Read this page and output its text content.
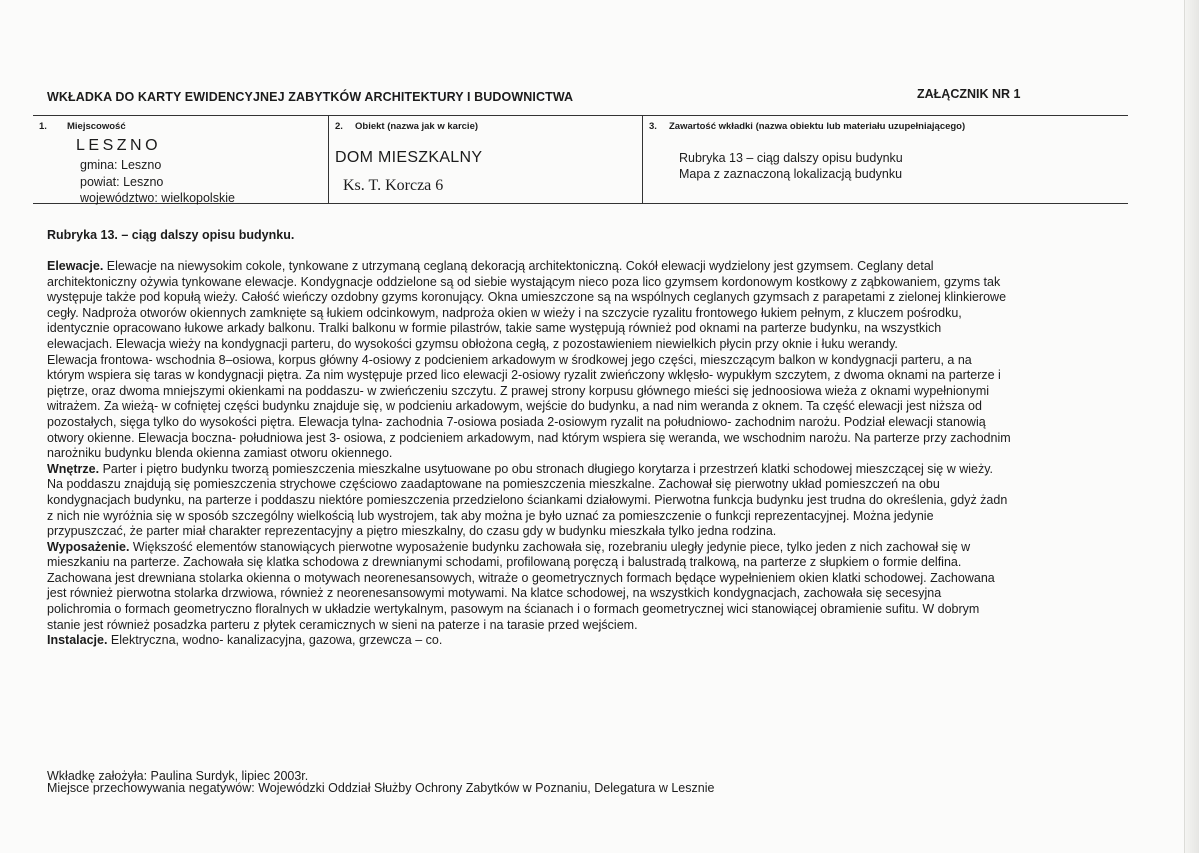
WKŁADKA DO KARTY EWIDENCYJNEJ ZABYTKÓW ARCHITEKTURY I BUDOWNICTWA	ZAŁĄCZNIK NR 1
1. Miejscowość
LESZNO
gmina: Leszno
powiat: Leszno
województwo: wielkopolskie
2. Obiekt (nazwa jak w karcie)
DOM MIESZKALNY
Ks. T. Korcza 6
3. Zawartość wkładki (nazwa obiektu lub materiału uzupełniającego)
Rubryka 13 – ciąg dalszy opisu budynku
Mapa z zaznaczoną lokalizacją budynku
Rubryka 13. – ciąg dalszy opisu budynku.
Elewacje. Elewacje na niewysokim cokole, tynkowane z utrzymaną ceglaną dekoracją architektoniczną. Cokół elewacji wydzielony jest gzymsem. Ceglany detal
architektoniczny ożywia tynkowane elewacje. Kondygnacje oddzielone są od siebie wystającym nieco poza lico gzymsem kordonowym kostkowy z ząbkowaniem, gzyms tak
występuje także pod kopułą wieży. Całość wieńczy ozdobny gzyms koronujący. Okna umieszczone są na wspólnych ceglanych gzymsach z parapetami z zielonej klinkierowe
cegły. Nadproża otworów okiennych zamknięte są łukiem odcinkowym, nadproża okien w wieży i na szczycie ryzalitu frontowego łukiem pełnym, z kluczem pośrodku,
identycznie opracowano łukowe arkady balkonu. Tralki balkonu w formie pilastrów, takie same występują również pod oknami na parterze budynku, na wszystkich
elewacjach. Elewacja wieży na kondygnacji parteru, do wysokości gzymsu obłożona cegłą, z pozostawieniem niewielkich płycin przy oknie i łuku werandy.
Elewacja frontowa- wschodnia 8–osiowa, korpus główny 4-osiowy z podcieniem arkadowym w środkowej jego części, mieszczącym balkon w kondygnacji parteru, a na
którym wspiera się taras w kondygnacji piętra. Za nim występuje przed lico elewacji 2-osiowy ryzalit zwieńczony wklęsło- wypukłym szczytem, z dwoma oknami na parterze i
piętrze, oraz dwoma mniejszymi okienkami na poddaszu- w zwieńczeniu szczytu. Z prawej strony korpusu głównego mieści się jednoosiowa wieża z oknami wypełnionymi
witrażem. Za wieżą- w cofniętej części budynku znajduje się, w podcieniu arkadowym, wejście do budynku, a nad nim weranda z oknem. Ta część elewacji jest niższa od
pozostałych, sięga tylko do wysokości piętra. Elewacja tylna- zachodnia 7-osiowa posiada 2-osiowym ryzalit na południowo- zachodnim narożu. Podział elewacji stanowią
otwory okienne. Elewacja boczna- południowa jest 3- osiowa, z podcieniem arkadowym, nad którym wspiera się weranda, we wschodnim narożu. Na parterze przy zachodnim
narożniku budynku blenda okienna zamiast otworu okiennego.
Wnętrze. Parter i piętro budynku tworzą pomieszczenia mieszkalne usytuowane po obu stronach długiego korytarza i przestrzeń klatki schodowej mieszczącej się w wieży.
Na poddaszu znajdują się pomieszczenia strychowe częściowo zaadaptowane na pomieszczenia mieszkalne. Zachował się pierwotny układ pomieszczeń na obu
kondygnacjach budynku, na parterze i poddaszu niektóre pomieszczenia przedzielono ściankami działowymi. Pierwotna funkcja budynku jest trudna do określenia, gdyż żadn
z nich nie wyróżnia się w sposób szczególny wielkością lub wystrojem, tak aby można je było uznać za pomieszczenie o funkcji reprezentacyjnej. Można jedynie
przypuszczać, że parter miał charakter reprezentacyjny a piętro mieszkalny, do czasu gdy w budynku mieszkała tylko jedna rodzina.
Wyposażenie. Większość elementów stanowiących pierwotne wyposażenie budynku zachowała się, rozebraniu uległy jedynie piece, tylko jeden z nich zachował się w
mieszkaniu na parterze. Zachowała się klatka schodowa z drewnianymi schodami, profilowaną poręczą i balustradą tralkową, na parterze z słupkiem o formie delfina.
Zachowana jest drewniana stolarka okienna o motywach neorenesansowych, witraże o geometrycznych formach będące wypełnieniem okien klatki schodowej. Zachowana
jest również pierwotna stolarka drzwiowa, również z neorenesansowymi motywami. Na klatce schodowej, na wszystkich kondygnacjach, zachowała się secesyjna
polichromia o formach geometryczno floralnych w układzie wertykalnym, pasowym na ścianach i o formach geometrycznej wici stanowiącej obramienie sufitu. W dobrym
stanie jest również posadzka parteru z płytek ceramicznych w sieni na paterze i na tarasie przed wejściem.
Instalacje. Elektryczna, wodno- kanalizacyjna, gazowa, grzewcza – co.
Wkładkę założyła: Paulina Surdyk, lipiec 2003r.
Miejsce przechowywania negatywów: Wojewódzki Oddział Służby Ochrony Zabytków w Poznaniu, Delegatura w Lesznie
